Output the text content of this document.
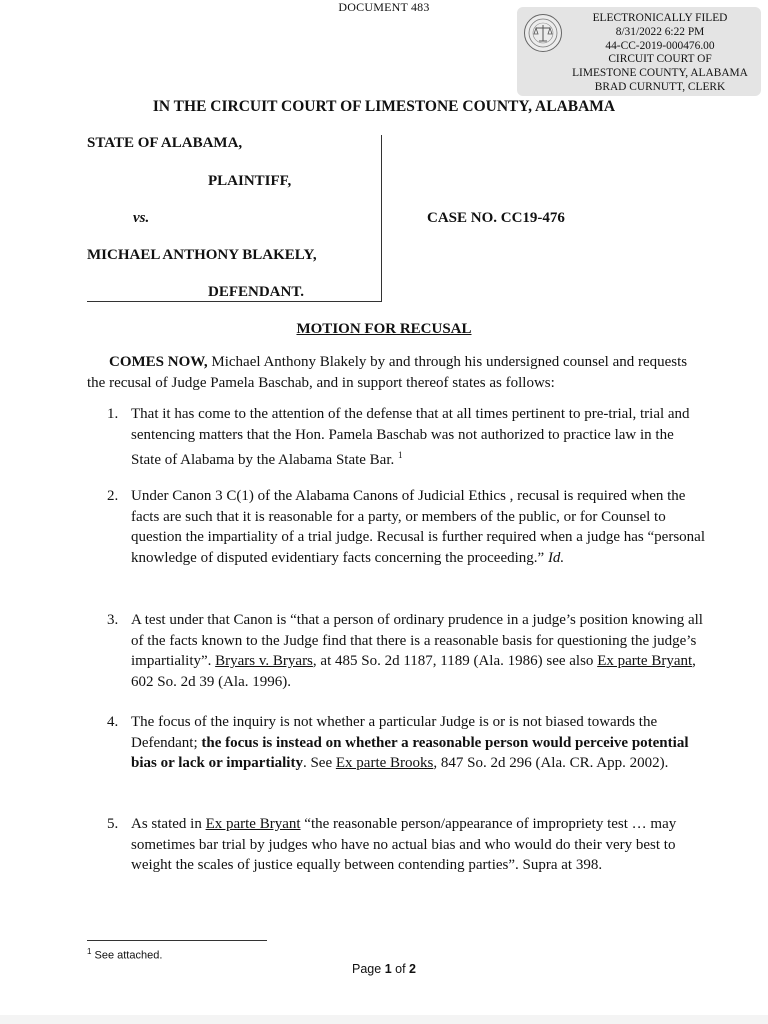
DOCUMENT 483
ELECTRONICALLY FILED
8/31/2022 6:22 PM
44-CC-2019-000476.00
CIRCUIT COURT OF
LIMESTONE COUNTY, ALABAMA
BRAD CURNUTT, CLERK
IN THE CIRCUIT COURT OF LIMESTONE COUNTY, ALABAMA
STATE OF ALABAMA,
PLAINTIFF,
vs.
MICHAEL ANTHONY BLAKELY,
DEFENDANT.
CASE NO. CC19-476
MOTION FOR RECUSAL
COMES NOW, Michael Anthony Blakely by and through his undersigned counsel and requests the recusal of Judge Pamela Baschab, and in support thereof states as follows:
1. That it has come to the attention of the defense that at all times pertinent to pre-trial, trial and sentencing matters that the Hon. Pamela Baschab was not authorized to practice law in the State of Alabama by the Alabama State Bar. $^1$
2. Under Canon 3 C(1) of the Alabama Canons of Judicial Ethics , recusal is required when the facts are such that it is reasonable for a party, or members of the public, or for Counsel to question the impartiality of a trial judge. Recusal is further required when a judge has “personal knowledge of disputed evidentiary facts concerning the proceeding.” Id.
3. A test under that Canon is “that a person of ordinary prudence in a judge’s position knowing all of the facts known to the Judge find that there is a reasonable basis for questioning the judge’s impartiality”. Bryars v. Bryars, at 485 So. 2d 1187, 1189 (Ala. 1986) see also Ex parte Bryant, 602 So. 2d 39 (Ala. 1996).
4. The focus of the inquiry is not whether a particular Judge is or is not biased towards the Defendant; the focus is instead on whether a reasonable person would perceive potential bias or lack or impartiality. See Ex parte Brooks, 847 So. 2d 296 (Ala. CR. App. 2002).
5. As stated in Ex parte Bryant “the reasonable person/appearance of impropriety test … may sometimes bar trial by judges who have no actual bias and who would do their very best to weight the scales of justice equally between contending parties”. Supra at 398.
$^1$ See attached.
Page 1 of 2
